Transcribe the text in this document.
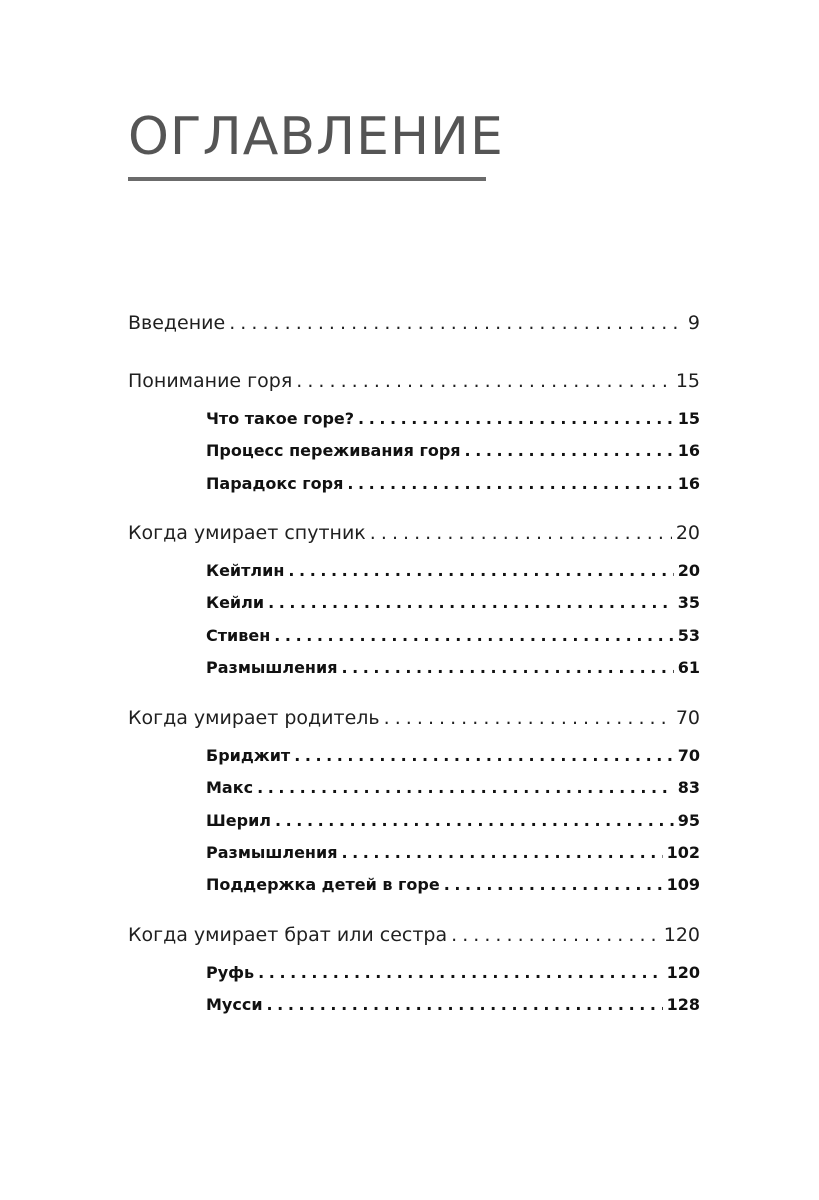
ОГЛАВЛЕНИЕ
Введение . . .	9
Понимание горя . . .	15
Что такое горе? . . .	15
Процесс переживания горя . . .	16
Парадокс горя . . .	16
Когда умирает спутник . . .	20
Кейтлин . . .	20
Кейли . . .	35
Стивен . . .	53
Размышления . . .	61
Когда умирает родитель . . .	70
Бриджит . . .	70
Макс . . .	83
Шерил . . .	95
Размышления . . .	102
Поддержка детей в горе . . .	109
Когда умирает брат или сестра . . .	120
Руфь . . .	120
Мусси . . .	128
